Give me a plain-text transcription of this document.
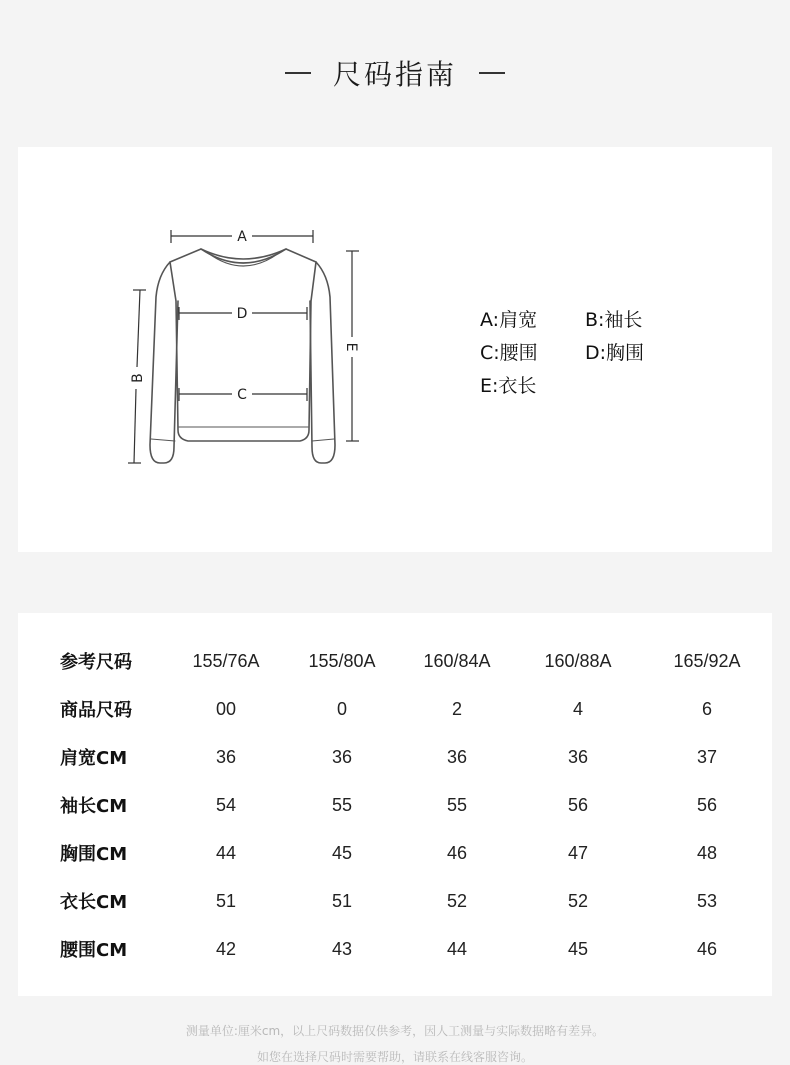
尺码指南
A
D
C
B
E
A:肩宽	B:袖长
C:腰围	D:胸围
E:衣长
参考尺码	155/76A	155/80A	160/84A	160/88A	165/92A
商品尺码	00	0	2	4	6
肩宽CM	36	36	36	36	37
袖长CM	54	55	55	56	56
胸围CM	44	45	46	47	48
衣长CM	51	51	52	52	53
腰围CM	42	43	44	45	46
测量单位:厘米cm，以上尺码数据仅供参考，因人工测量与实际数据略有差异。
如您在选择尺码时需要帮助，请联系在线客服咨询。
